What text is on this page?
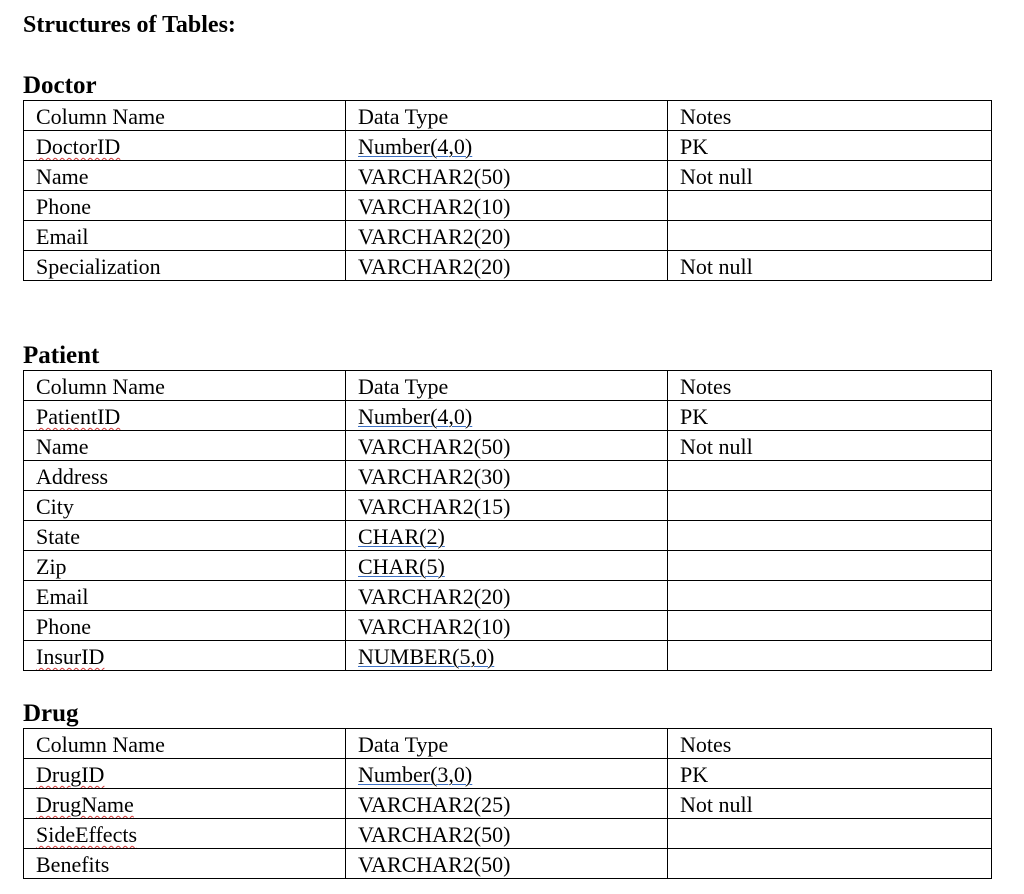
Structures of Tables:
Doctor
Column Name	Data Type	Notes
DoctorID	Number(4,0)	PK
Name	VARCHAR2(50)	Not null
Phone	VARCHAR2(10)	
Email	VARCHAR2(20)	
Specialization	VARCHAR2(20)	Not null
Patient
Column Name	Data Type	Notes
PatientID	Number(4,0)	PK
Name	VARCHAR2(50)	Not null
Address	VARCHAR2(30)	
City	VARCHAR2(15)	
State	CHAR(2)	
Zip	CHAR(5)	
Email	VARCHAR2(20)	
Phone	VARCHAR2(10)	
InsurID	NUMBER(5,0)	
Drug
Column Name	Data Type	Notes
DrugID	Number(3,0)	PK
DrugName	VARCHAR2(25)	Not null
SideEffects	VARCHAR2(50)	
Benefits	VARCHAR2(50)	
